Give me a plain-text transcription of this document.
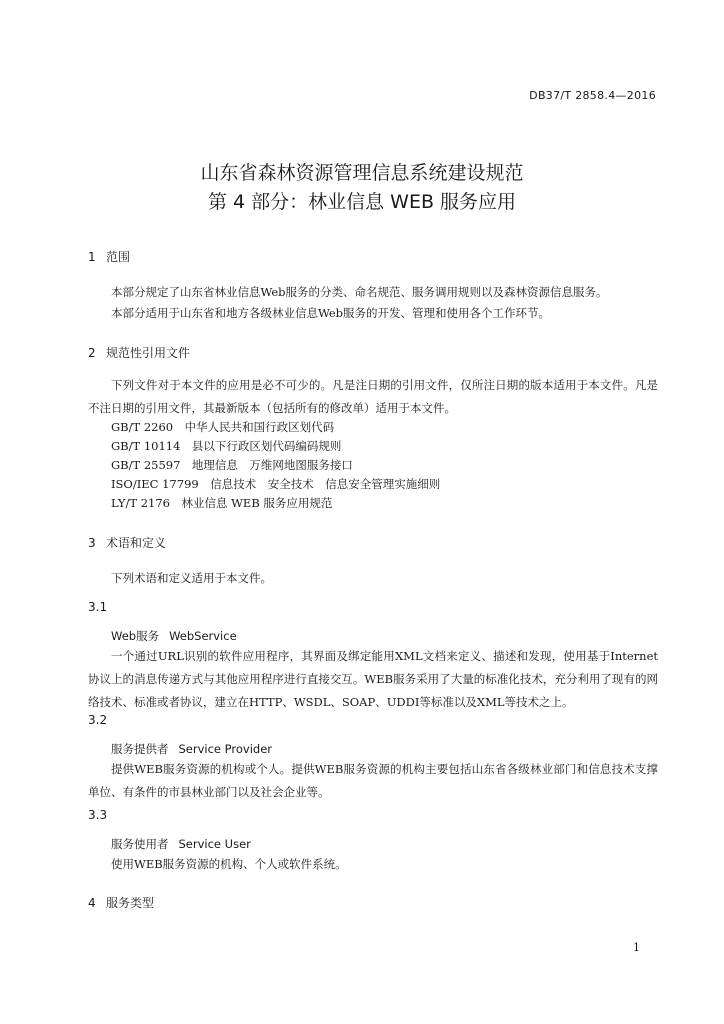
DB37/T 2858.4—2016
山东省森林资源管理信息系统建设规范
第 4 部分：林业信息 WEB 服务应用
1 范围
本部分规定了山东省林业信息Web服务的分类、命名规范、服务调用规则以及森林资源信息服务。
本部分适用于山东省和地方各级林业信息Web服务的开发、管理和使用各个工作环节。
2 规范性引用文件
下列文件对于本文件的应用是必不可少的。凡是注日期的引用文件，仅所注日期的版本适用于本文件。凡是不注日期的引用文件，其最新版本（包括所有的修改单）适用于本文件。
GB/T 2260　中华人民共和国行政区划代码
GB/T 10114　县以下行政区划代码编码规则
GB/T 25597　地理信息　万维网地图服务接口
ISO/IEC 17799　信息技术　安全技术　信息安全管理实施细则
LY/T 2176　林业信息 WEB 服务应用规范
3 术语和定义
下列术语和定义适用于本文件。
3.1
Web服务 WebService
一个通过URL识别的软件应用程序，其界面及绑定能用XML文档来定义、描述和发现，使用基于Internet协议上的消息传递方式与其他应用程序进行直接交互。WEB服务采用了大量的标准化技术，充分利用了现有的网络技术、标准或者协议，建立在HTTP、WSDL、SOAP、UDDI等标准以及XML等技术之上。
3.2
服务提供者 Service Provider
提供WEB服务资源的机构或个人。提供WEB服务资源的机构主要包括山东省各级林业部门和信息技术支撑单位、有条件的市县林业部门以及社会企业等。
3.3
服务使用者 Service User
使用WEB服务资源的机构、个人或软件系统。
4 服务类型
1
